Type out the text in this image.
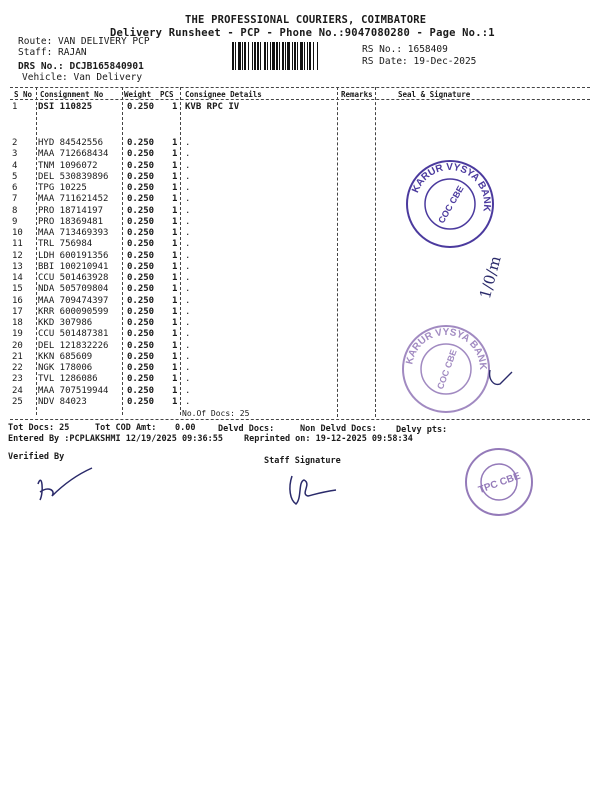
THE PROFESSIONAL COURIERS, COIMBATORE
Delivery Runsheet - PCP - Phone No.:9047080280 - Page No.:1
Route: VAN DELIVERY PCP
Staff: RAJAN
DRS No.: DCJB165840901
Vehicle: Van Delivery
RS No.: 1658409
RS Date: 19-Dec-2025
S No Consignment No	Weight PCS Consignee Details	Remarks	Seal & Signature
1 DSI 110825	0.250 1 KVB RPC IV
2 HYD 84542556	0.250 1 .
3 MAA 712668434 0.250 1 .
4 TNM 1096072	0.250 1 .
5 DEL 530839896 0.250 1 .
6 TPG 10225	0.250 1 .
7 MAA 711621452 0.250 1 .
8 PRO 18714197	0.250 1 .
9 PRO 18369481	0.250 1 .
10 MAA 713469393 0.250 1 .
11 TRL 756984	0.250 1 .
12 LDH 600191356 0.250 1 .
13 BBI 100210941 0.250 1 .
14 CCU 501463928 0.250 1 .
15 NDA 505709804 0.250 1 .
16 MAA 709474397 0.250 1 .
17 KRR 600090599 0.250 1 .
18 KKD 307986	0.250 1 .
19 CCU 501487381 0.250 1 .
20 DEL 121832226 0.250 1 .
21 KKN 685609	0.250 1 .
22 NGK 178006	0.250 1 .
23 TVL 1286086	0.250 1 .
24 MAA 707519944 0.250 1 .
25 NDV 84023	0.250 1 .
No.Of Docs: 25
Tot Docs: 25	Tot COD Amt: 0.00	Delvd Docs:	Non Delvd Docs: Delvy pts:
Entered By :PCPLAKSHMI 12/19/2025 09:36:55 Reprinted on: 19-12-2025 09:58:34
Verified By	Staff Signature
KARUR VYSYA BANK
COC CBE
KARUR VYSYA BANK
COC CBE
TPC CBE
1/0/m
